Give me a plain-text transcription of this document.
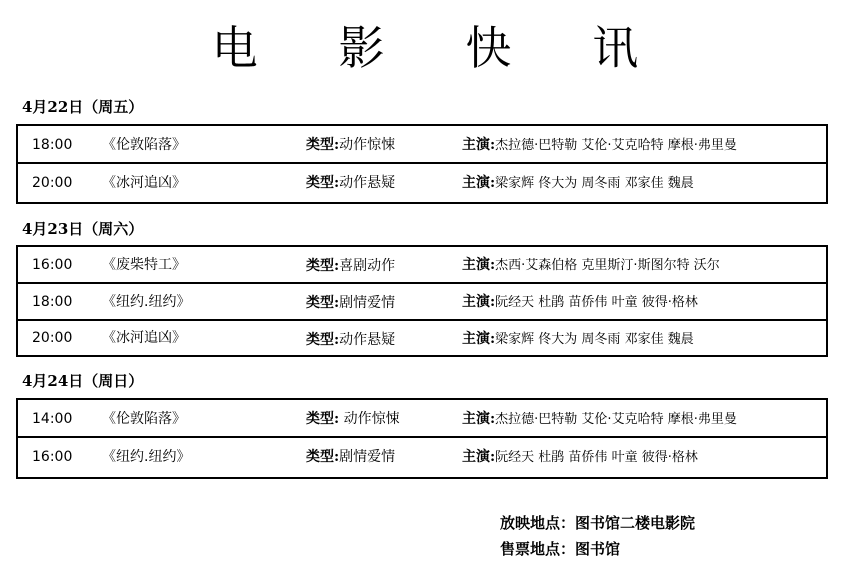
电 影 快 讯
4月22日（周五）
18:00 《伦敦陷落》	类型:动作惊悚	主演:杰拉德·巴特勒 艾伦·艾克哈特 摩根·弗里曼
20:00 《冰河追凶》	类型:动作悬疑	主演:梁家辉 佟大为 周冬雨 邓家佳 魏晨
4月23日（周六）
16:00 《废柴特工》	类型:喜剧动作	主演:杰西·艾森伯格 克里斯汀·斯图尔特 沃尔
18:00 《纽约.纽约》	类型:剧情爱情	主演:阮经天 杜鹃 苗侨伟 叶童 彼得·格林
20:00 《冰河追凶》	类型:动作悬疑	主演:梁家辉 佟大为 周冬雨 邓家佳 魏晨
4月24日（周日）
14:00 《伦敦陷落》	类型: 动作惊悚	主演:杰拉德·巴特勒 艾伦·艾克哈特 摩根·弗里曼
16:00 《纽约.纽约》	类型:剧情爱情	主演:阮经天 杜鹃 苗侨伟 叶童 彼得·格林
放映地点：图书馆二楼电影院
售票地点：图书馆
